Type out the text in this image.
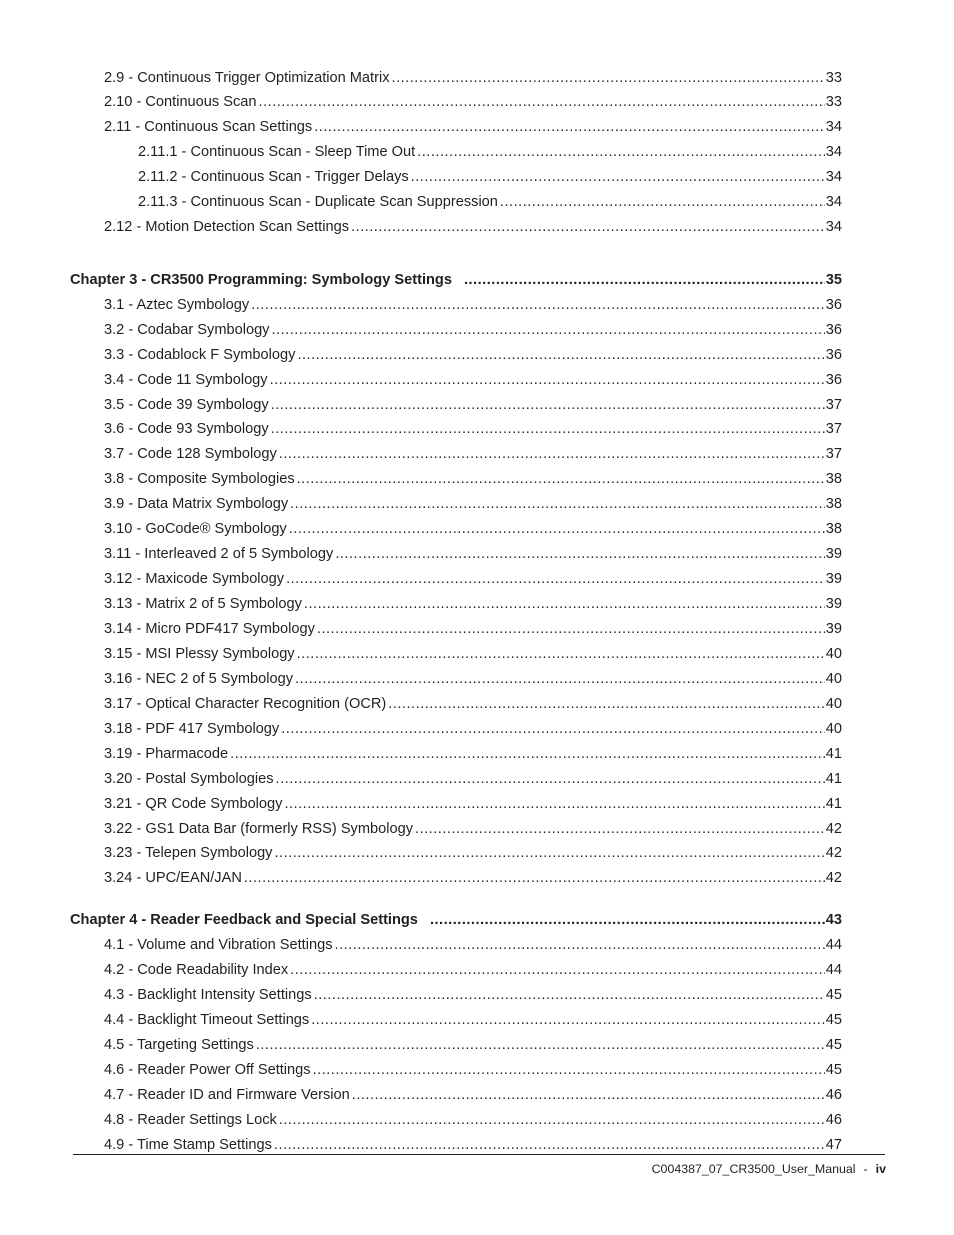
2.9 - Continuous Trigger Optimization Matrix .....	33
2.10 - Continuous Scan .....	33
2.11 - Continuous Scan Settings .....	34
2.11.1 - Continuous Scan - Sleep Time Out .....	34
2.11.2 - Continuous Scan - Trigger Delays .....	34
2.11.3 - Continuous Scan - Duplicate Scan Suppression .....	34
2.12 - Motion Detection Scan Settings .....	34
Chapter 3 - CR3500 Programming: Symbology Settings .....	35
3.1 - Aztec Symbology .....	36
3.2 - Codabar Symbology .....	36
3.3 - Codablock F Symbology .....	36
3.4 - Code 11 Symbology .....	36
3.5 - Code 39 Symbology .....	37
3.6 - Code 93 Symbology .....	37
3.7 - Code 128 Symbology .....	37
3.8 - Composite Symbologies .....	38
3.9 - Data Matrix Symbology .....	38
3.10 - GoCode® Symbology .....	38
3.11 - Interleaved 2 of 5 Symbology .....	39
3.12 - Maxicode Symbology .....	39
3.13 - Matrix 2 of 5 Symbology .....	39
3.14 - Micro PDF417 Symbology .....	39
3.15 - MSI Plessy Symbology .....	40
3.16 - NEC 2 of 5 Symbology .....	40
3.17 - Optical Character Recognition (OCR) .....	40
3.18 - PDF 417 Symbology .....	40
3.19 - Pharmacode .....	41
3.20 - Postal Symbologies .....	41
3.21 - QR Code Symbology .....	41
3.22 - GS1 Data Bar (formerly RSS) Symbology .....	42
3.23 - Telepen Symbology .....	42
3.24 - UPC/EAN/JAN .....	42
Chapter 4 - Reader Feedback and Special Settings .....	43
4.1 - Volume and Vibration Settings .....	44
4.2 - Code Readability Index .....	44
4.3 - Backlight Intensity Settings .....	45
4.4 - Backlight Timeout Settings .....	45
4.5 - Targeting Settings .....	45
4.6 - Reader Power Off Settings .....	45
4.7 - Reader ID and Firmware Version .....	46
4.8 - Reader Settings Lock .....	46
4.9 - Time Stamp Settings .....	47
C004387_07_CR3500_User_Manual - iv
